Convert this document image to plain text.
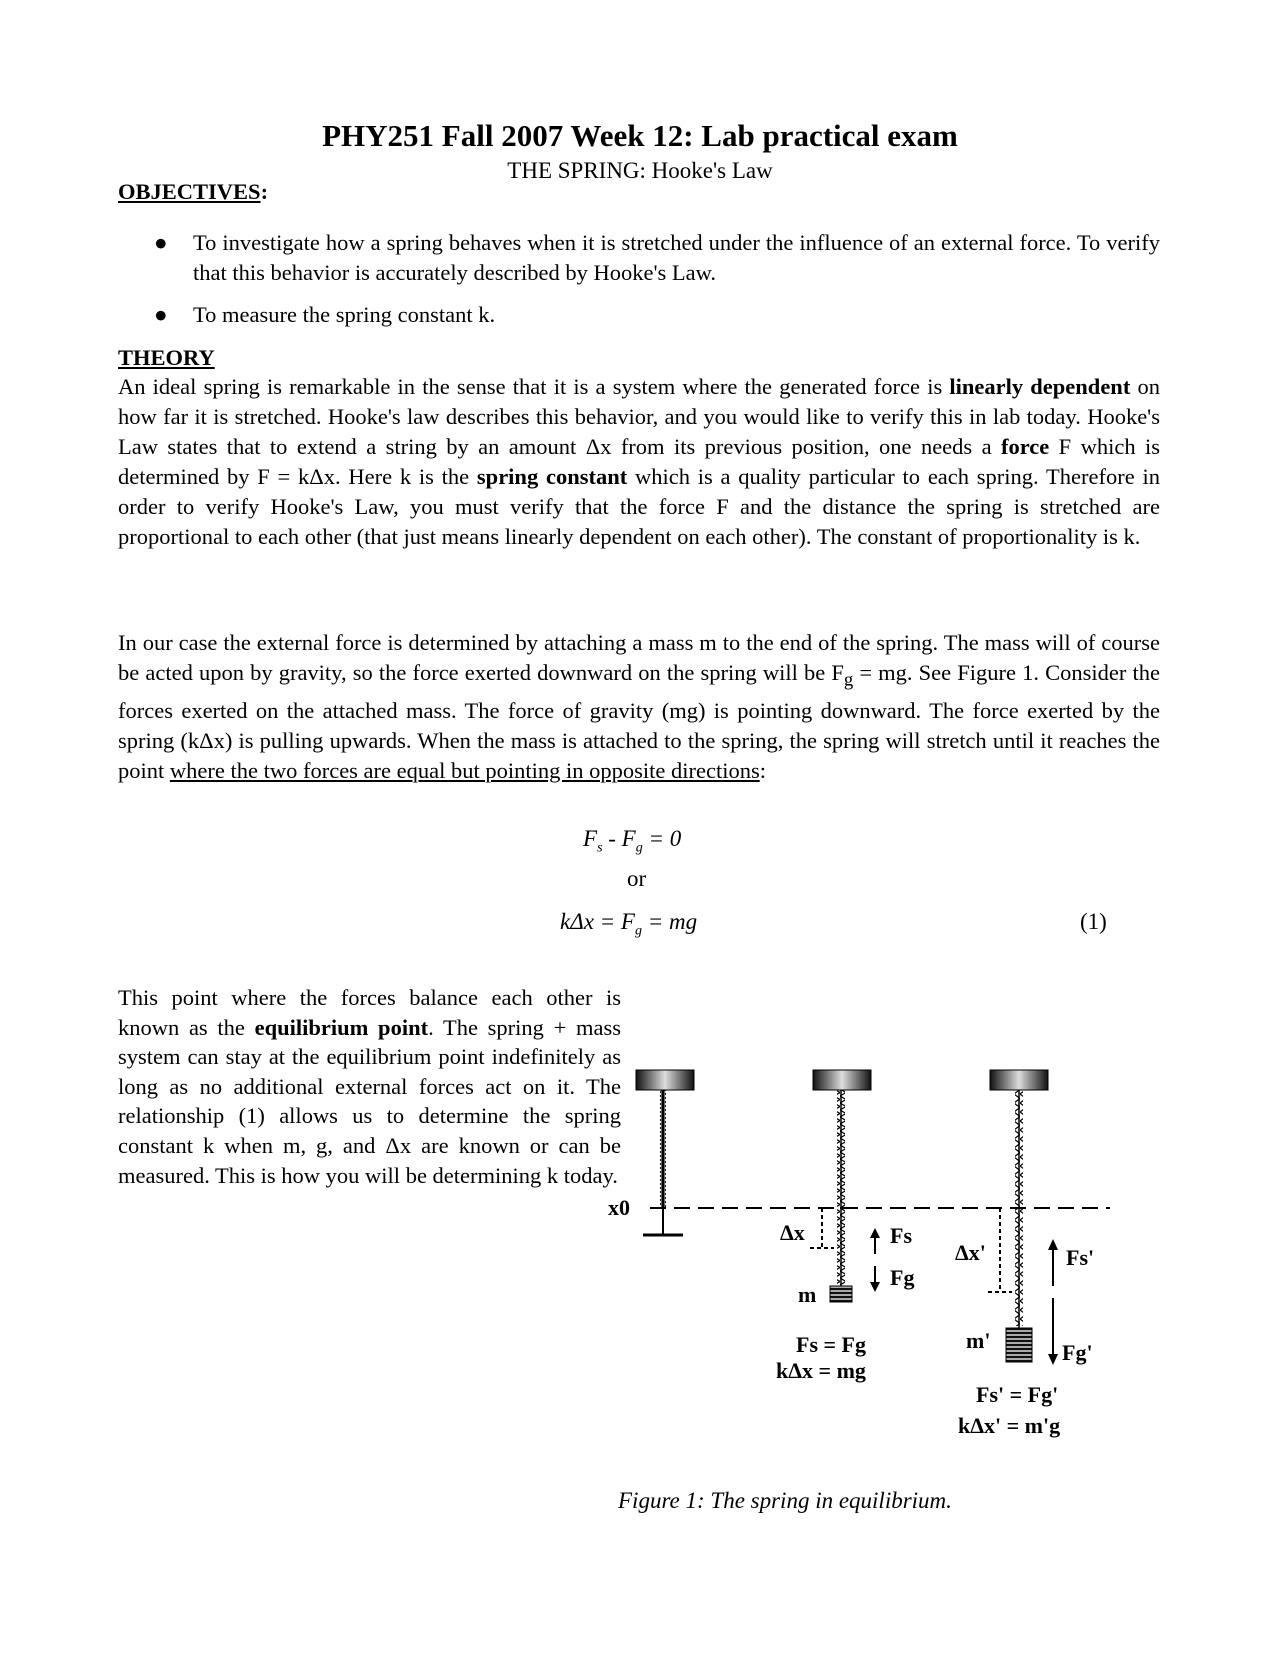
PHY251 Fall 2007 Week 12: Lab practical exam
THE SPRING: Hooke's Law
OBJECTIVES:
● To investigate how a spring behaves when it is stretched under the influence of an external force. To verify that this behavior is accurately described by Hooke's Law.
● To measure the spring constant k.
THEORY

An ideal spring is remarkable in the sense that it is a system where the generated force is linearly dependent on how far it is stretched. Hooke's law describes this behavior, and you would like to verify this in lab today. Hooke's Law states that to extend a string by an amount Δx from its previous position, one needs a force F which is determined by F = kΔx. Here k is the spring constant which is a quality particular to each spring. Therefore in order to verify Hooke's Law, you must verify that the force F and the distance the spring is stretched are proportional to each other (that just means linearly dependent on each other). The constant of proportionality is k.

In our case the external force is determined by attaching a mass m to the end of the spring. The mass will of course be acted upon by gravity, so the force exerted downward on the spring will be $F_g$ = mg. See Figure 1. Consider the forces exerted on the attached mass. The force of gravity (mg) is pointing downward. The force exerted by the spring (kΔx) is pulling upwards. When the mass is attached to the spring, the spring will stretch until it reaches the point where the two forces are equal but pointing in opposite directions:

$F_s - F_g = 0$
or
$k\Delta x = F_g$ = mg	(1)

This point where the forces balance each other is known as the equilibrium point. The spring + mass system can stay at the equilibrium point indefinitely as long as no additional external forces act on it. The relationship (1) allows us to determine the spring constant k when m, g, and Δx are known or can be measured. This is how you will be determining k today.

x0
Δx	Fs
Fg
m
Fs = Fg
kΔx = mg
Δx'	Fs'
Fg'
m'
Fs' = Fg'
kΔx' = m'g
Figure 1: The spring in equilibrium.
